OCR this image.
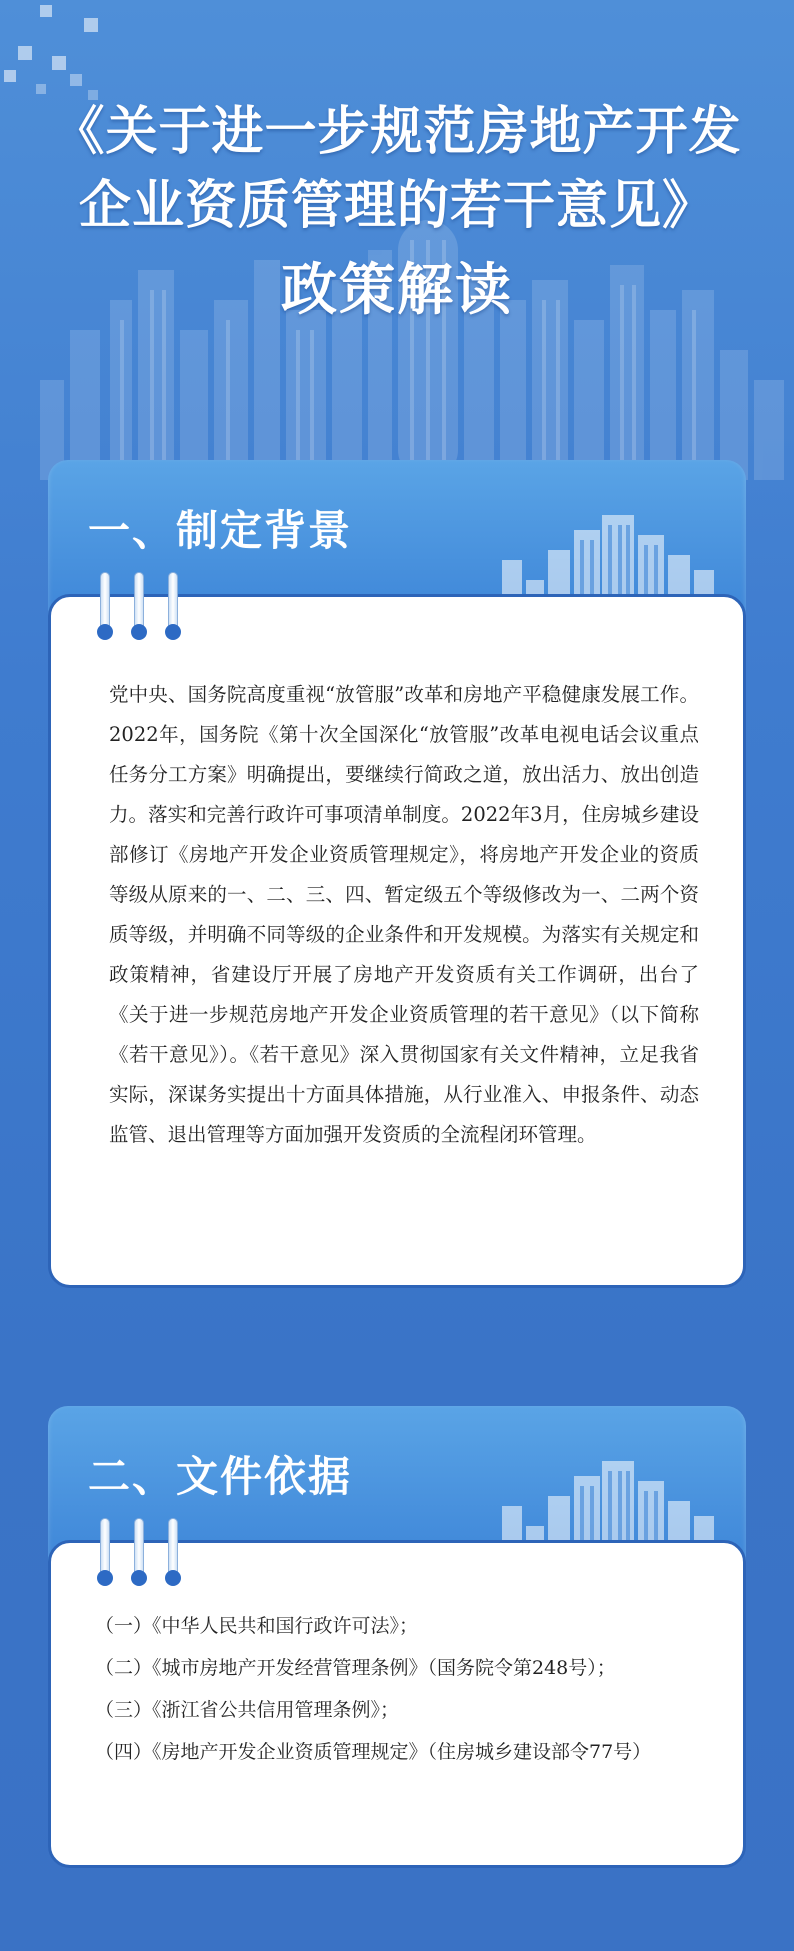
《关于进一步规范房地产开发
企业资质管理的若干意见》
政策解读
一、制定背景
党中央、国务院高度重视“放管服”改革和房地产平稳健康发展工作。2022年，国务院《第十次全国深化“放管服”改革电视电话会议重点任务分工方案》明确提出，要继续行简政之道，放出活力、放出创造力。落实和完善行政许可事项清单制度。2022年3月，住房城乡建设部修订《房地产开发企业资质管理规定》，将房地产开发企业的资质等级从原来的一、二、三、四、暂定级五个等级修改为一、二两个资质等级，并明确不同等级的企业条件和开发规模。为落实有关规定和政策精神，省建设厅开展了房地产开发资质有关工作调研，出台了《关于进一步规范房地产开发企业资质管理的若干意见》（以下简称《若干意见》）。《若干意见》深入贯彻国家有关文件精神，立足我省实际，深谋务实提出十方面具体措施，从行业准入、申报条件、动态监管、退出管理等方面加强开发资质的全流程闭环管理。
二、文件依据
（一）《中华人民共和国行政许可法》；
（二）《城市房地产开发经营管理条例》（国务院令第248号）；
（三）《浙江省公共信用管理条例》；
（四）《房地产开发企业资质管理规定》（住房城乡建设部令77号）
